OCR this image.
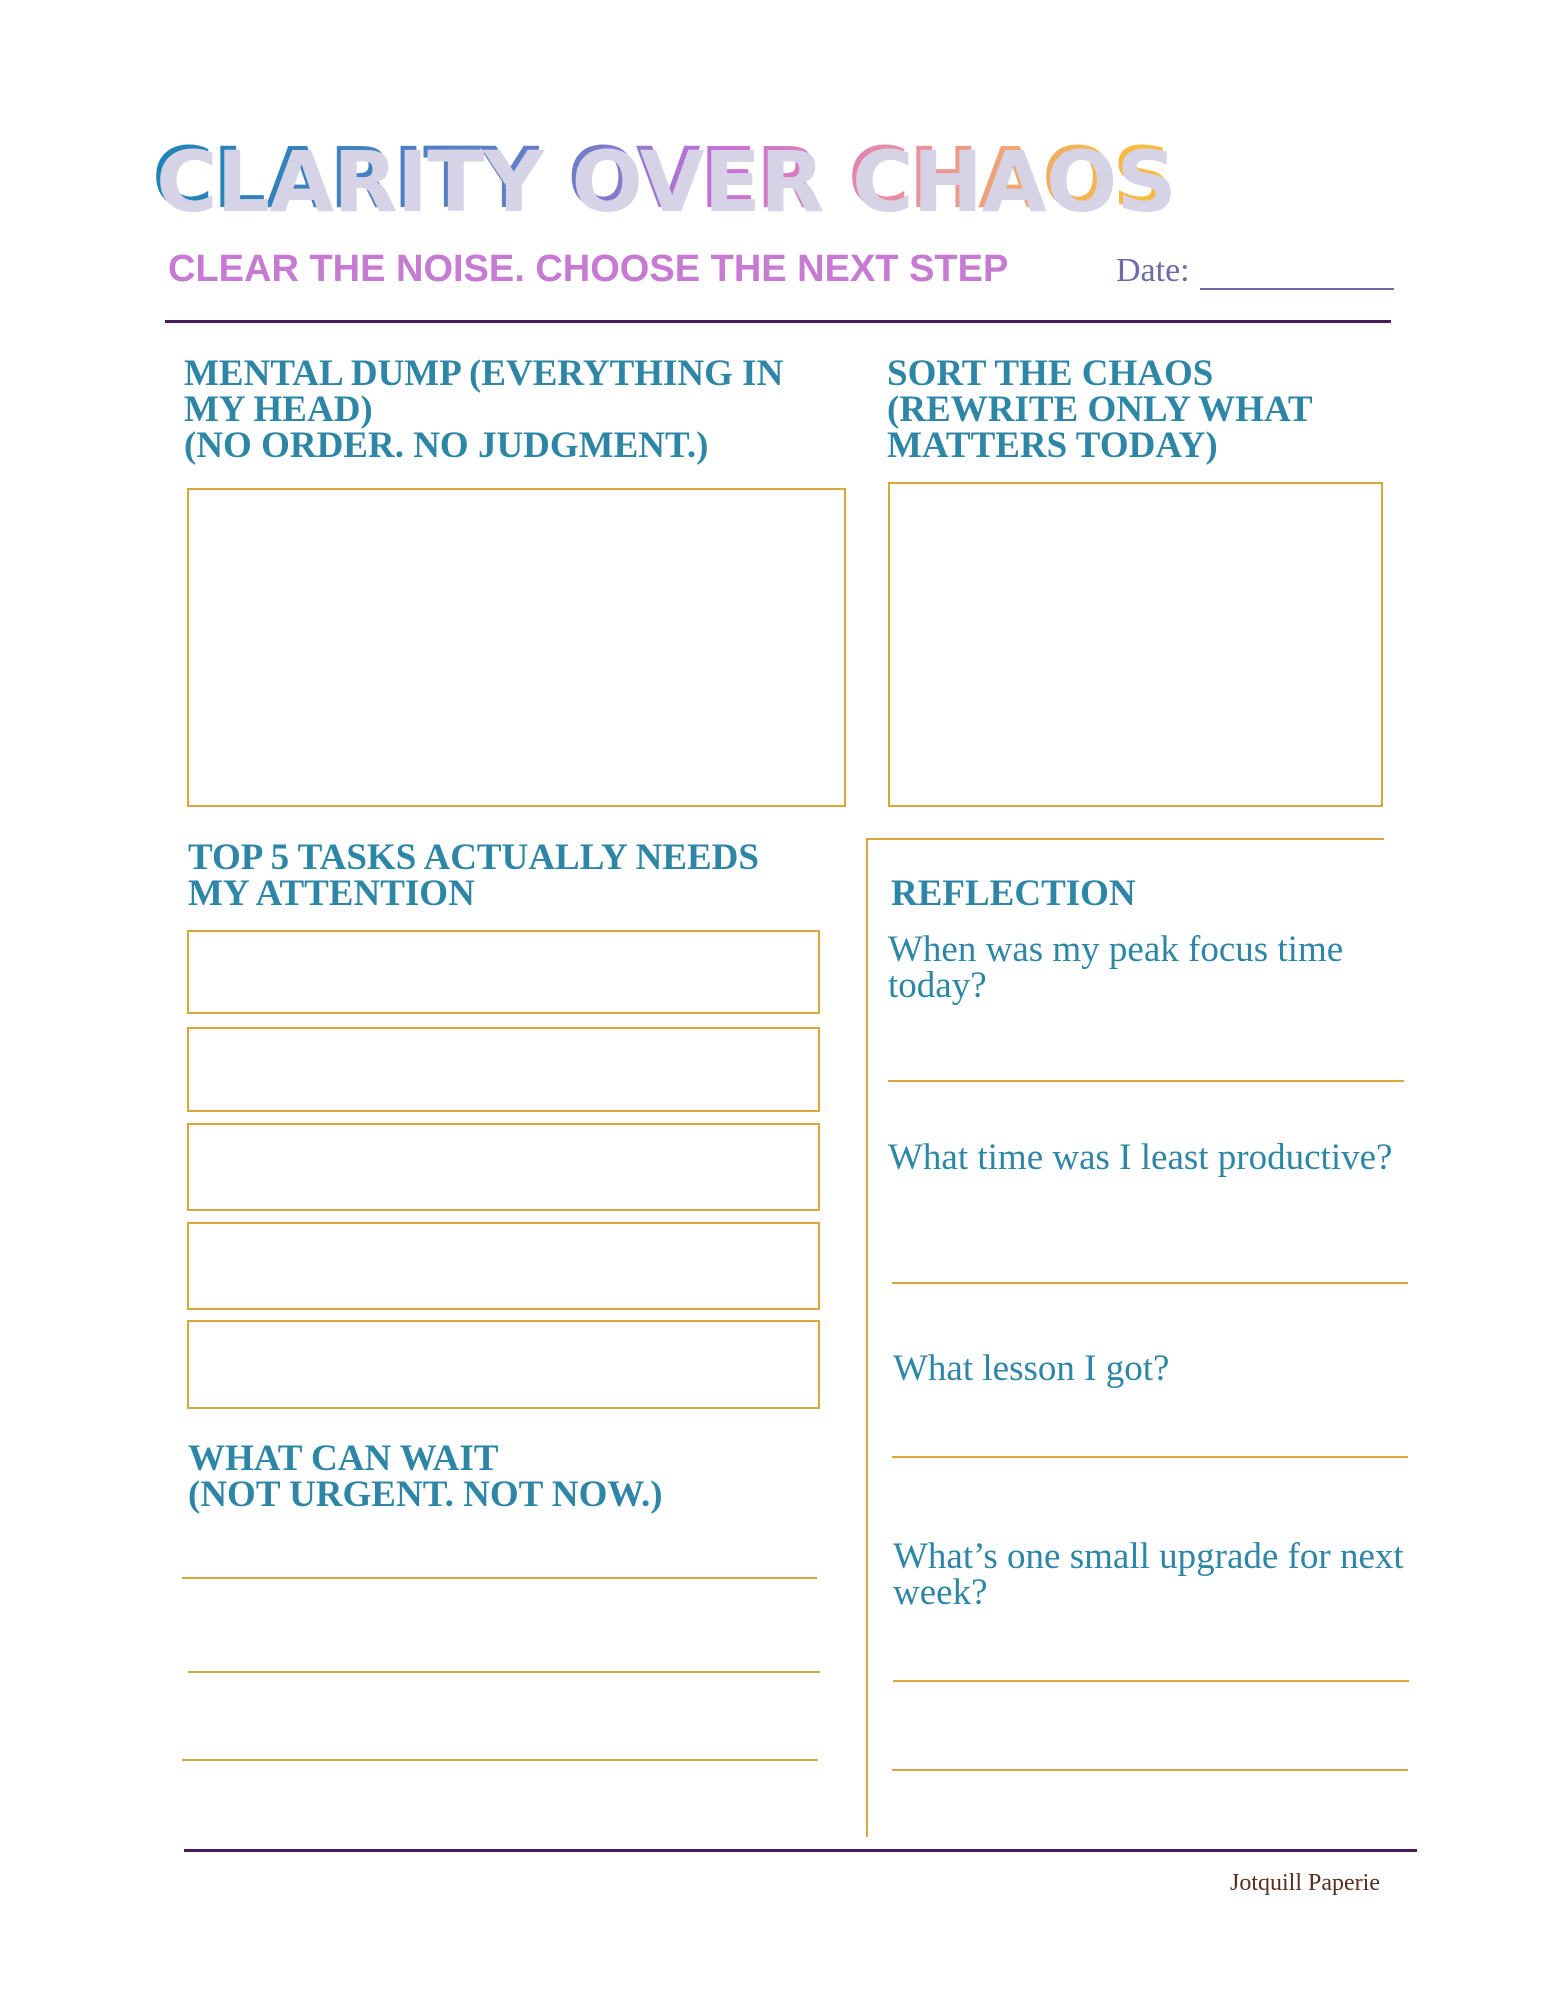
CLARITY OVER CHAOS
CLEAR THE NOISE. CHOOSE THE NEXT STEP	Date:
MENTAL DUMP (EVERYTHING IN
MY HEAD)
(NO ORDER. NO JUDGMENT.)
SORT THE CHAOS
(REWRITE ONLY WHAT
MATTERS TODAY)
TOP 5 TASKS ACTUALLY NEEDS
MY ATTENTION
WHAT CAN WAIT
(NOT URGENT. NOT NOW.)
REFLECTION
When was my peak focus time
today?
What time was I least productive?
What lesson I got?
What’s one small upgrade for next
week?
Jotquill Paperie
